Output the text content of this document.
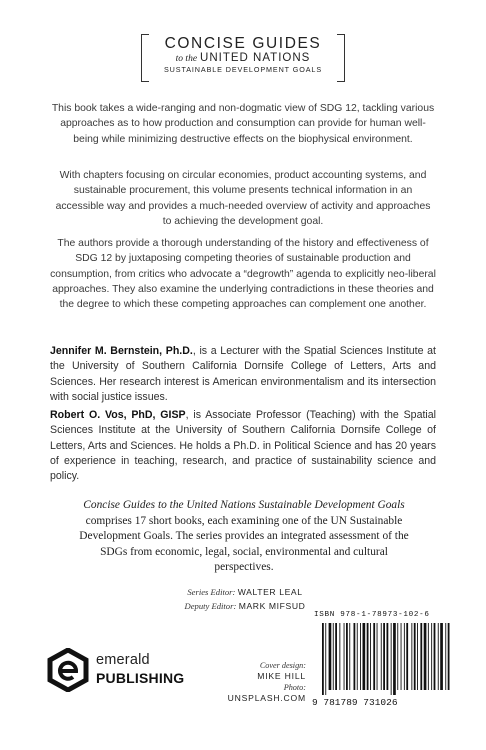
CONCISE GUIDES
to the UNITED NATIONS
SUSTAINABLE DEVELOPMENT GOALS

This book takes a wide-ranging and non-dogmatic view of SDG 12, tackling various approaches as to how production and consumption can provide for human well-being while minimizing destructive effects on the biophysical environment.

With chapters focusing on circular economies, product accounting systems, and sustainable procurement, this volume presents technical information in an accessible way and provides a much-needed overview of activity and approaches to achieving the development goal.

The authors provide a thorough understanding of the history and effectiveness of SDG 12 by juxtaposing competing theories of sustainable production and consumption, from critics who advocate a “degrowth” agenda to explicitly neo-liberal approaches. They also examine the underlying contradictions in these theories and the degree to which these competing approaches can complement one another.

Jennifer M. Bernstein, Ph.D., is a Lecturer with the Spatial Sciences Institute at the University of Southern California Dornsife College of Letters, Arts and Sciences. Her research interest is American environmentalism and its intersection with social justice issues.

Robert O. Vos, PhD, GISP, is Associate Professor (Teaching) with the Spatial Sciences Institute at the University of Southern California Dornsife College of Letters, Arts and Sciences. He holds a Ph.D. in Political Science and has 20 years of experience in teaching, research, and practice of sustainability science and policy.

Concise Guides to the United Nations Sustainable Development Goals comprises 17 short books, each examining one of the UN Sustainable Development Goals. The series provides an integrated assessment of the SDGs from economic, legal, social, environmental and cultural perspectives.

Series Editor: WALTER LEAL
Deputy Editor: MARK MIFSUD
emerald
PUBLISHING
Cover design:
MIKE HILL
Photo:
UNSPLASH.COM
ISBN 978-1-78973-102-6
9 781789 731026
